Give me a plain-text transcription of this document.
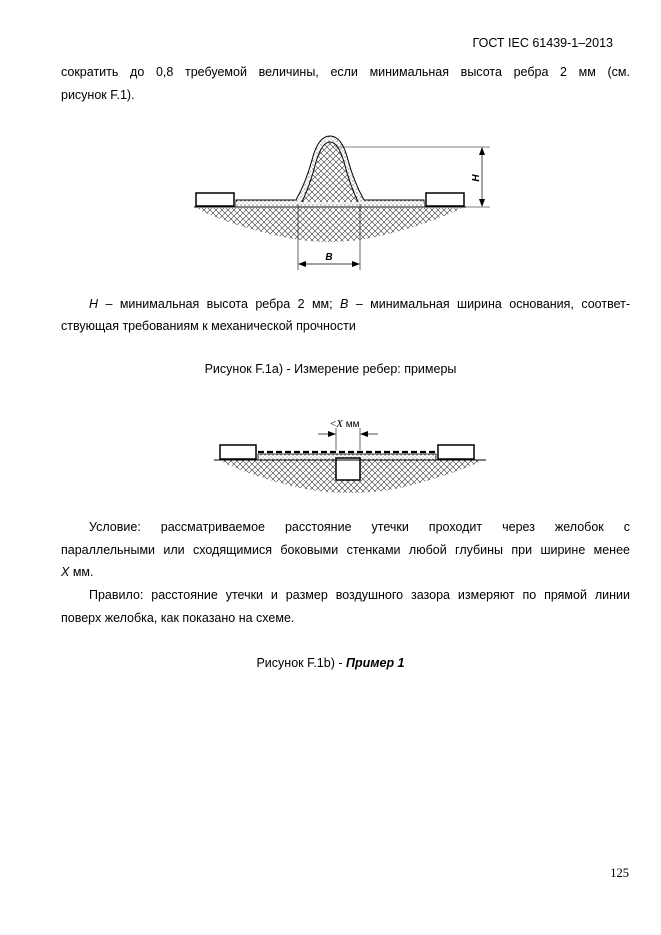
ГОСТ IEC 61439-1–2013
сократить до 0,8 требуемой величины, если минимальная высота ребра 2 мм (см.
рисунок F.1).
H
B
H – минимальная высота ребра 2 мм; B – минимальная ширина основания, соответ-
ствующая требованиям к механической прочности
Рисунок F.1a) - Измерение ребер: примеры
<X мм
Условие: рассматриваемое расстояние утечки проходит через желобок с
параллельными или сходящимися боковыми стенками любой глубины при ширине менее
X мм.
Правило: расстояние утечки и размер воздушного зазора измеряют по прямой линии
поверх желобка, как показано на схеме.
Рисунок F.1b) - Пример 1
125
